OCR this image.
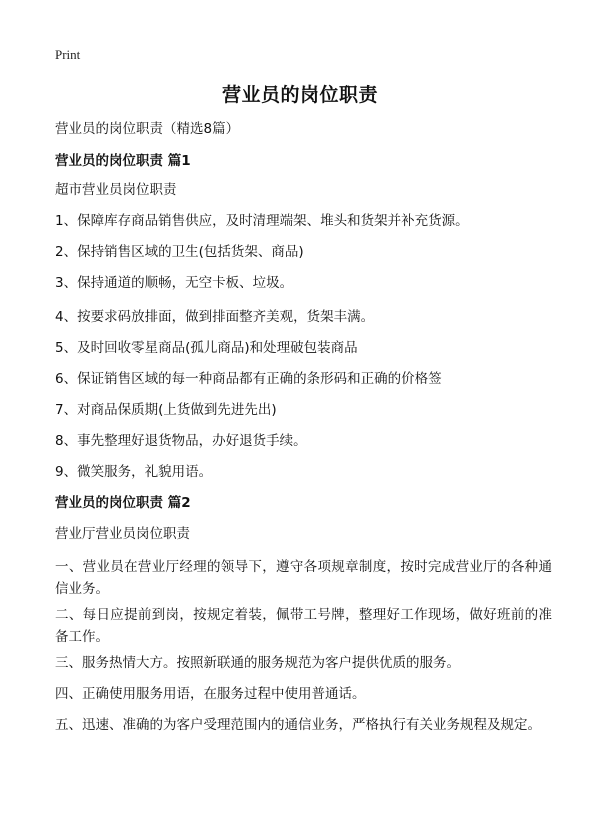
Print
营业员的岗位职责
营业员的岗位职责（精选8篇）
营业员的岗位职责 篇1
超市营业员岗位职责
1、保障库存商品销售供应，及时清理端架、堆头和货架并补充货源。
2、保持销售区域的卫生(包括货架、商品)
3、保持通道的顺畅，无空卡板、垃圾。
4、按要求码放排面，做到排面整齐美观，货架丰满。
5、及时回收零星商品(孤儿商品)和处理破包装商品
6、保证销售区域的每一种商品都有正确的条形码和正确的价格签
7、对商品保质期(上货做到先进先出)
8、事先整理好退货物品，办好退货手续。
9、微笑服务，礼貌用语。
营业员的岗位职责 篇2
营业厅营业员岗位职责
一、营业员在营业厅经理的领导下，遵守各项规章制度，按时完成营业厅的各种通信业务。
二、每日应提前到岗，按规定着装，佩带工号牌，整理好工作现场，做好班前的准备工作。
三、服务热情大方。按照新联通的服务规范为客户提供优质的服务。
四、正确使用服务用语，在服务过程中使用普通话。
五、迅速、准确的为客户受理范围内的通信业务，严格执行有关业务规程及规定。
